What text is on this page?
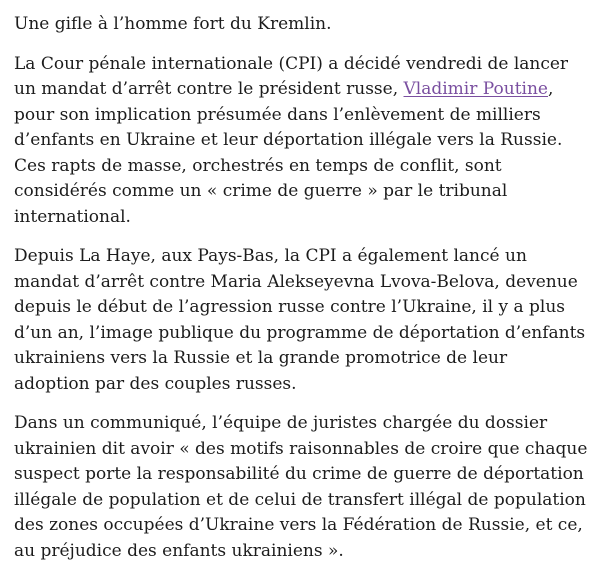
Une gifle à l’homme fort du Kremlin.

La Cour pénale internationale (CPI) a décidé vendredi de lancer un mandat d’arrêt contre le président russe, Vladimir Poutine, pour son implication présumée dans l’enlèvement de milliers d’enfants en Ukraine et leur déportation illégale vers la Russie. Ces rapts de masse, orchestrés en temps de conflit, sont considérés comme un « crime de guerre » par le tribunal international.

Depuis La Haye, aux Pays-Bas, la CPI a également lancé un mandat d’arrêt contre Maria Alekseyevna Lvova-Belova, devenue depuis le début de l’agression russe contre l’Ukraine, il y a plus d’un an, l’image publique du programme de déportation d’enfants ukrainiens vers la Russie et la grande promotrice de leur adoption par des couples russes.

Dans un communiqué, l’équipe de juristes chargée du dossier ukrainien dit avoir « des motifs raisonnables de croire que chaque suspect porte la responsabilité du crime de guerre de déportation illégale de population et de celui de transfert illégal de population des zones occupées d’Ukraine vers la Fédération de Russie, et ce, au préjudice des enfants ukrainiens ».
